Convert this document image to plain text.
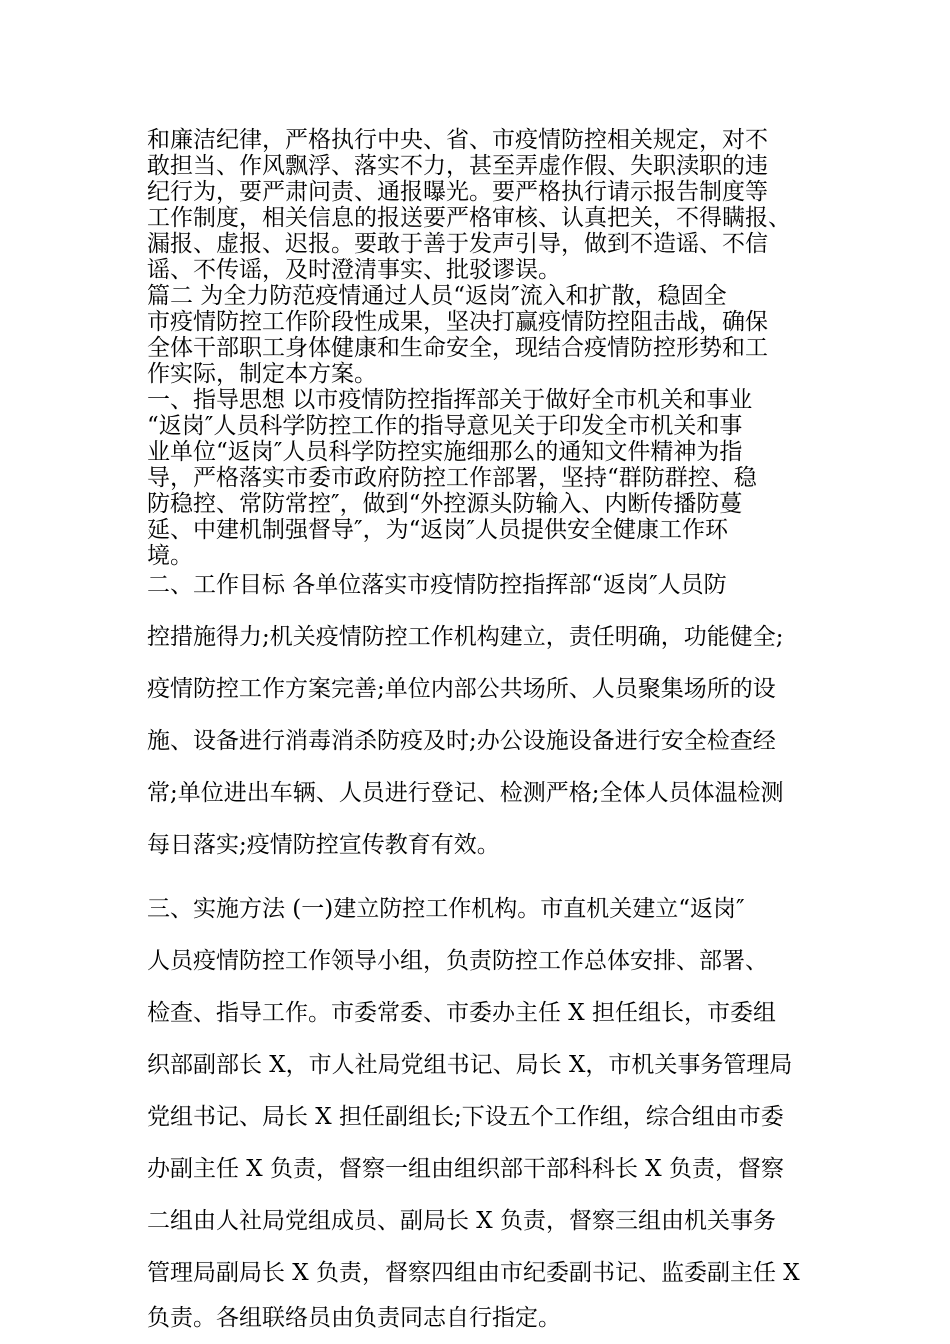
和廉洁纪律，严格执行中央、省、市疫情防控相关规定，对不
敢担当、作风飘浮、落实不力，甚至弄虚作假、失职渎职的违
纪行为，要严肃问责、通报曝光。要严格执行请示报告制度等
工作制度，相关信息的报送要严格审核、认真把关，不得瞒报、
漏报、虚报、迟报。要敢于善于发声引导，做到不造谣、不信
谣、不传谣，及时澄清事实、批驳谬误。
篇二 为全力防范疫情通过人员“返岗″流入和扩散，稳固全
市疫情防控工作阶段性成果，坚决打赢疫情防控阻击战，确保
全体干部职工身体健康和生命安全，现结合疫情防控形势和工
作实际，制定本方案。
一、指导思想 以市疫情防控指挥部关于做好全市机关和事业
“返岗″人员科学防控工作的指导意见关于印发全市机关和事
业单位“返岗″人员科学防控实施细那么的通知文件精神为指
导，严格落实市委市政府防控工作部署，坚持“群防群控、稳
防稳控、常防常控″，做到“外控源头防输入、内断传播防蔓
延、中建机制强督导″，为“返岗″人员提供安全健康工作环
境。
二、工作目标 各单位落实市疫情防控指挥部“返岗″人员防
控措施得力;机关疫情防控工作机构建立，责任明确，功能健全;
疫情防控工作方案完善;单位内部公共场所、人员聚集场所的设
施、设备进行消毒消杀防疫及时;办公设施设备进行安全检查经
常;单位进出车辆、人员进行登记、检测严格;全体人员体温检测
每日落实;疫情防控宣传教育有效。
三、实施方法 (一)建立防控工作机构。市直机关建立“返岗″
人员疫情防控工作领导小组，负责防控工作总体安排、部署、
检查、指导工作。市委常委、市委办主任 X 担任组长，市委组
织部副部长 X，市人社局党组书记、局长 X，市机关事务管理局
党组书记、局长 X 担任副组长;下设五个工作组，综合组由市委
办副主任 X 负责，督察一组由组织部干部科科长 X 负责，督察
二组由人社局党组成员、副局长 X 负责，督察三组由机关事务
管理局副局长 X 负责，督察四组由市纪委副书记、监委副主任 X
负责。各组联络员由负责同志自行指定。
